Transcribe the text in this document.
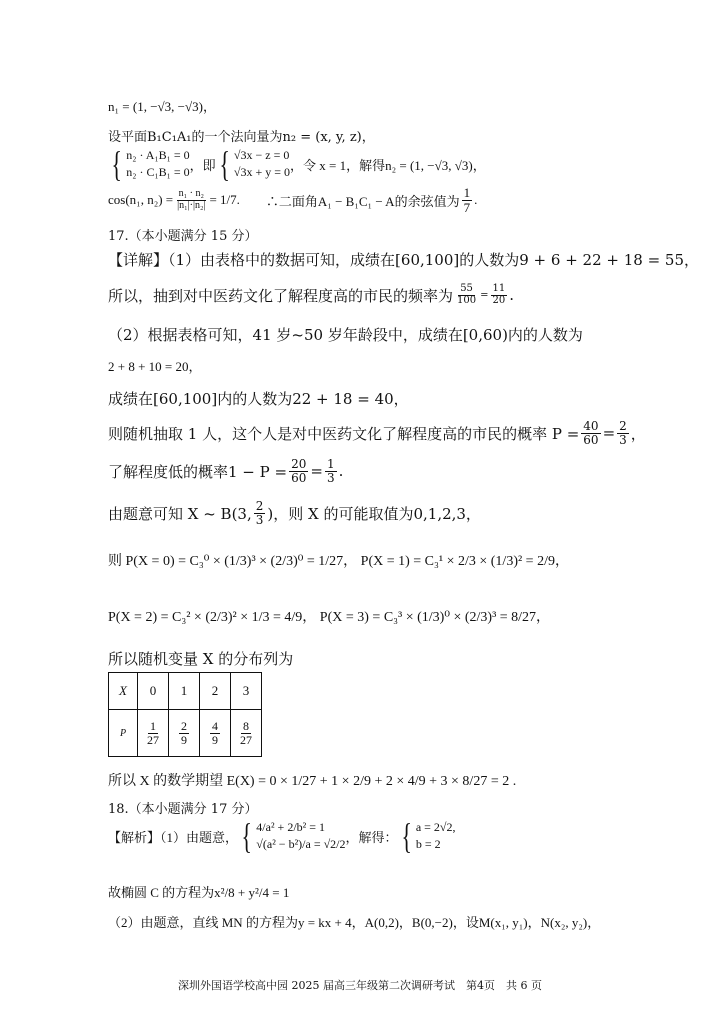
n₁ = (1, −√3, −√3)，
设平面B₁C₁A₁的一个法向量为n₂ = (x, y, z)，
{ n₂ · A₁B₁ = 0
n₂ · C₁B₁ = 0 ，即 { √3x − z = 0
√3x + y = 0 ，令 x = 1，解得n₂ = (1, −√3, √3)，
cos(n₁, $n_2) = \frac{\text{n₁ · n₂}}{\text{|n₁|·|n₂|}} = 1/7$. ∴二面角A₁ − B₁C₁ − A的余弦值为 $\frac{1}{7}$ .
17.（本小题满分 15 分）
【详解】（1）由表格中的数据可知，成绩在[60,100]的人数为9 + 6 + 22 + 18 = 55，
所以，抽到对中医药文化了解程度高的市民的频率为 $\frac{55}{100} = \frac{11}{20}$ .
（2）根据表格可知，41 岁~50 岁年龄段中，成绩在[0,60)内的人数为
2 + 8 + 10 = 20，
成绩在[60,100]内的人数为22 + 18 = 40，
则随机抽取 1 人，这个人是对中医药文化了解程度高的市民的概率 $P = \frac{40}{60} = \frac{2}{3}$ ，
了解程度低的概率$1 - P = \frac{20}{60} = \frac{1}{3}$ .
由题意可知 X ~ B(3, $\frac{2}{3}$ )，则 X 的可能取值为0,1,2,3，
则 P(X = 0) = C₃⁰ × (1/3)³ × (2/3)⁰ = 1/27， P(X = 1) = C₃¹ × 2/3 × (1/3)² = 2/9，
P(X = 2) = C₃² × (2/3)² × 1/3 = 4/9， P(X = 3) = C₃³ × (1/3)⁰ × (2/3)³ = 8/27，
所以随机变量 X 的分布列为
X	0	1	2	3
P	$\frac{1}{27}$	$\frac{2}{9}$	$\frac{4}{9}$	$\frac{8}{27}$
所以 X 的数学期望 E(X) = 0 × 1/27 + 1 × 2/9 + 2 × 4/9 + 3 × 8/27 = 2 .
18.（本小题满分 17 分）
【解析】（1）由题意， { 4/a² + 2/b² = 1
√(a² − b²)/a = √2/2 ，解得： { a = 2√2,
b = 2
故椭圆 C 的方程为x²/8 + y²/4 = 1
（2）由题意，直线 MN 的方程为y = kx + 4，A(0,2)，B(0,−2)，设M(x₁, y₁)，N(x₂, y₂)，
深圳外国语学校高中园 2025 届高三年级第二次调研考试　第4页　共 6 页
